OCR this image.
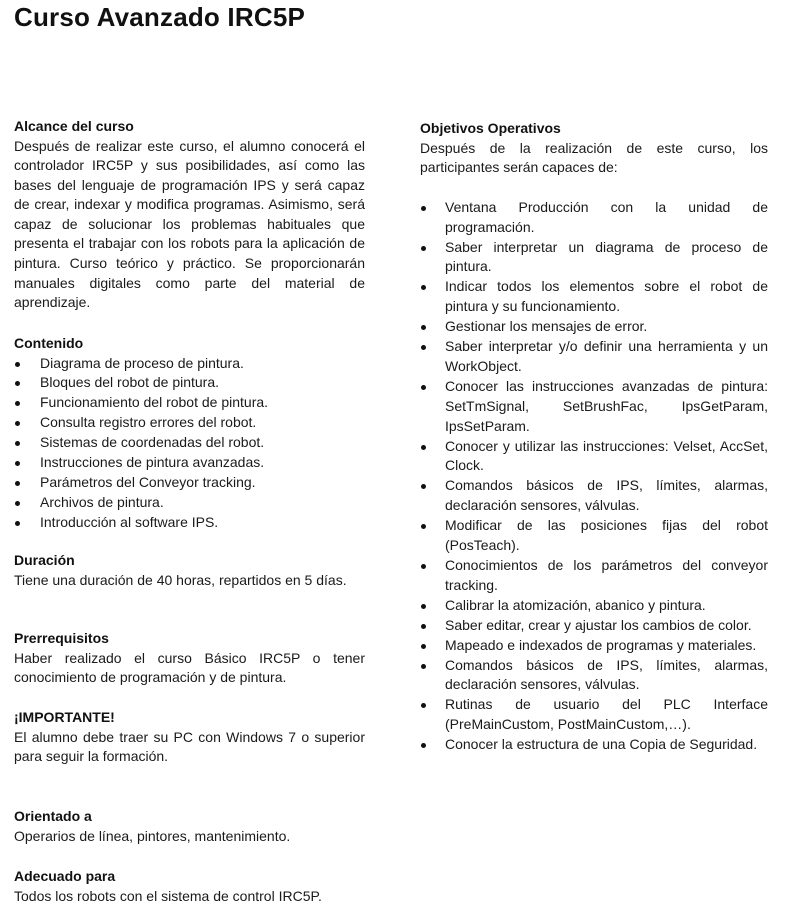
Curso Avanzado IRC5P
Alcance del curso
Después de realizar este curso, el alumno conocerá el controlador IRC5P y sus posibilidades, así como las bases del lenguaje de programación IPS y será capaz de crear, indexar y modifica programas. Asimismo, será capaz de solucionar los problemas habituales que presenta el trabajar con los robots para la aplicación de pintura. Curso teórico y práctico. Se proporcionarán manuales digitales como parte del material de aprendizaje.
Contenido
Diagrama de proceso de pintura.
Bloques del robot de pintura.
Funcionamiento del robot de pintura.
Consulta registro errores del robot.
Sistemas de coordenadas del robot.
Instrucciones de pintura avanzadas.
Parámetros del Conveyor tracking.
Archivos de pintura.
Introducción al software IPS.
Duración
Tiene una duración de 40 horas, repartidos en 5 días.
Prerrequisitos
Haber realizado el curso Básico IRC5P o tener conocimiento de programación y de pintura.
¡IMPORTANTE!
El alumno debe traer su PC con Windows 7 o superior para seguir la formación.
Orientado a
Operarios de línea, pintores, mantenimiento.
Adecuado para
Todos los robots con el sistema de control IRC5P.
Objetivos Operativos
Después de la realización de este curso, los participantes serán capaces de:
Ventana Producción con la unidad de programación.
Saber interpretar un diagrama de proceso de pintura.
Indicar todos los elementos sobre el robot de pintura y su funcionamiento.
Gestionar los mensajes de error.
Saber interpretar y/o definir una herramienta y un WorkObject.
Conocer las instrucciones avanzadas de pintura: SetTmSignal, SetBrushFac, IpsGetParam, IpsSetParam.
Conocer y utilizar las instrucciones: Velset, AccSet, Clock.
Comandos básicos de IPS, límites, alarmas, declaración sensores, válvulas.
Modificar de las posiciones fijas del robot (PosTeach).
Conocimientos de los parámetros del conveyor tracking.
Calibrar la atomización, abanico y pintura.
Saber editar, crear y ajustar los cambios de color.
Mapeado e indexados de programas y materiales.
Comandos básicos de IPS, límites, alarmas, declaración sensores, válvulas.
Rutinas de usuario del PLC Interface (PreMainCustom, PostMainCustom,…).
Conocer la estructura de una Copia de Seguridad.
